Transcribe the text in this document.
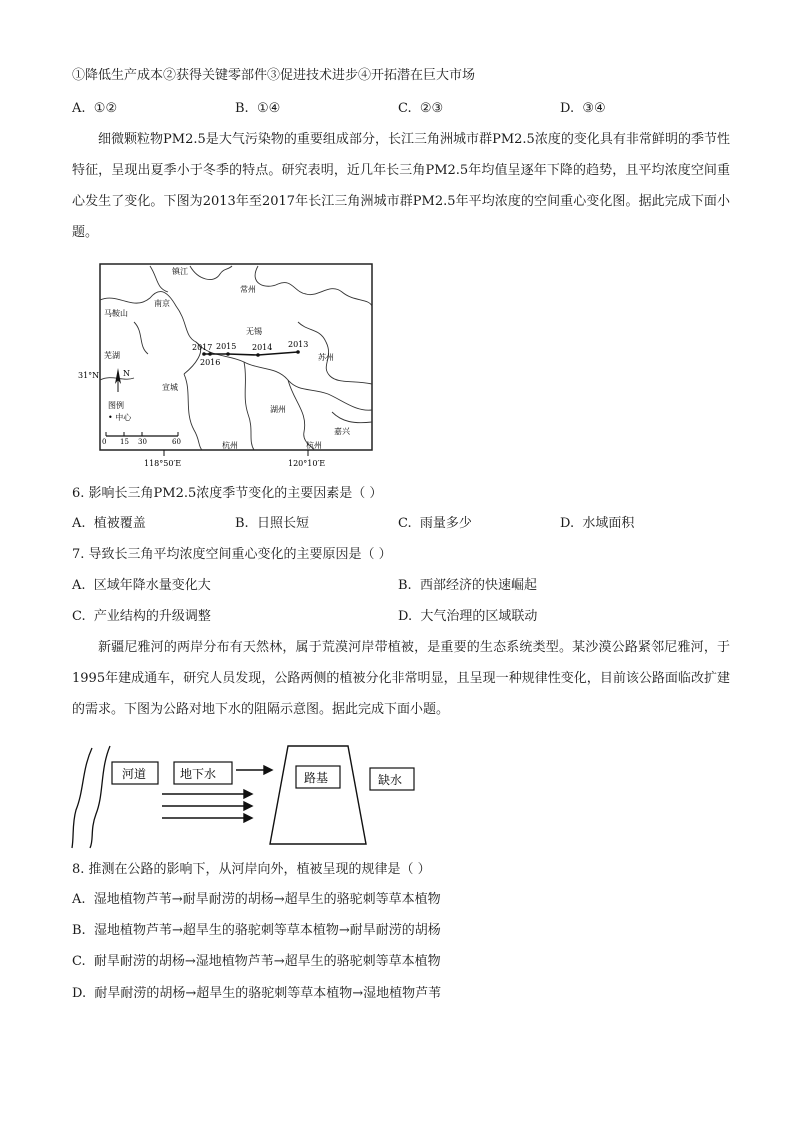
①降低生产成本②获得关键零部件③促进技术进步④开拓潜在巨大市场
A. ①②	B. ①④	C. ②③	D. ③④
细微颗粒物PM2.5是大气污染物的重要组成部分，长江三角洲城市群PM2.5浓度的变化具有非常鲜明的季节性特征，呈现出夏季小于冬季的特点。研究表明，近几年长三角PM2.5年均值呈逐年下降的趋势，且平均浓度空间重心发生了变化。下图为2013年至2017年长江三角洲城市群PM2.5年平均浓度的空间重心变化图。据此完成下面小题。
2017 2015 2014 2013
2016
镇江
常州
南京
马鞍山
无锡
芜湖	苏州
宣城
湖州
杭州	杭州
嘉兴
31°N	N
图例
• 中心
0 15 30	60
118°50′E	120°10′E
6. 影响长三角PM2.5浓度季节变化的主要因素是（ ）
A. 植被覆盖	B. 日照长短	C. 雨量多少	D. 水域面积
7. 导致长三角平均浓度空间重心变化的主要原因是（ ）
A. 区域年降水量变化大	B. 西部经济的快速崛起
C. 产业结构的升级调整	D. 大气治理的区域联动
新疆尼雅河的两岸分布有天然林，属于荒漠河岸带植被，是重要的生态系统类型。某沙漠公路紧邻尼雅河，于1995年建成通车，研究人员发现，公路两侧的植被分化非常明显，且呈现一种规律性变化，目前该公路面临改扩建的需求。下图为公路对地下水的阻隔示意图。据此完成下面小题。
河道	地下水	路基	缺水
8. 推测在公路的影响下，从河岸向外，植被呈现的规律是（ ）
A. 湿地植物芦苇→耐旱耐涝的胡杨→超旱生的骆驼刺等草本植物
B. 湿地植物芦苇→超旱生的骆驼刺等草本植物→耐旱耐涝的胡杨
C. 耐旱耐涝的胡杨→湿地植物芦苇→超旱生的骆驼刺等草本植物
D. 耐旱耐涝的胡杨→超旱生的骆驼刺等草本植物→湿地植物芦苇
